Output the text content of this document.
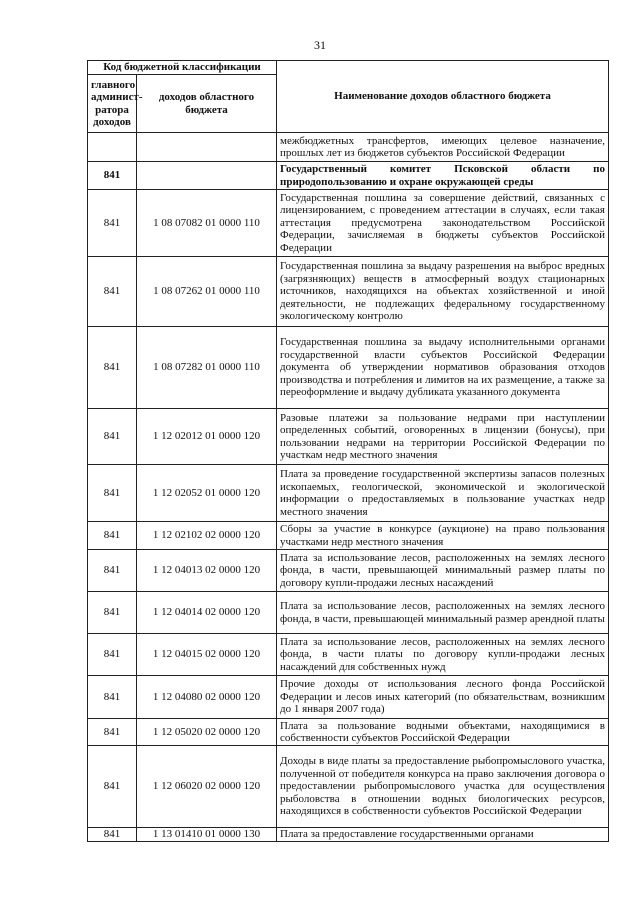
31
Код бюджетной классификации		Наименование доходов областного бюджета
главного админист-ратора доходов	доходов областного бюджета	
		межбюджетных трансфертов, имеющих целевое назначение, прошлых лет из бюджетов субъектов Российской Федерации
841		Государственный комитет Псковской области по природопользованию и охране окружающей среды
841	1 08 07082 01 0000 110	Государственная пошлина за совершение действий, связанных с лицензированием, с проведением аттестации в случаях, если такая аттестация предусмотрена законодательством Российской Федерации, зачисляемая в бюджеты субъектов Российской Федерации
841	1 08 07262 01 0000 110	Государственная пошлина за выдачу разрешения на выброс вредных (загрязняющих) веществ в атмосферный воздух стационарных источников, находящихся на объектах хозяйственной и иной деятельности, не подлежащих федеральному государственному экологическому контролю
841	1 08 07282 01 0000 110	Государственная пошлина за выдачу исполнительными органами государственной власти субъектов Российской Федерации документа об утверждении нормативов образования отходов производства и потребления и лимитов на их размещение, а также за переоформление и выдачу дубликата указанного документа
841	1 12 02012 01 0000 120	Разовые платежи за пользование недрами при наступлении определенных событий, оговоренных в лицензии (бонусы), при пользовании недрами на территории Российской Федерации по участкам недр местного значения
841	1 12 02052 01 0000 120	Плата за проведение государственной экспертизы запасов полезных ископаемых, геологической, экономической и экологической информации о предоставляемых в пользование участках недр местного значения
841	1 12 02102 02 0000 120	Сборы за участие в конкурсе (аукционе) на право пользования участками недр местного значения
841	1 12 04013 02 0000 120	Плата за использование лесов, расположенных на землях лесного фонда, в части, превышающей минимальный размер платы по договору купли-продажи лесных насаждений
841	1 12 04014 02 0000 120	Плата за использование лесов, расположенных на землях лесного фонда, в части, превышающей минимальный размер арендной платы
841	1 12 04015 02 0000 120	Плата за использование лесов, расположенных на землях лесного фонда, в части платы по договору купли-продажи лесных насаждений для собственных нужд
841	1 12 04080 02 0000 120	Прочие доходы от использования лесного фонда Российской Федерации и лесов иных категорий (по обязательствам, возникшим до 1 января 2007 года)
841	1 12 05020 02 0000 120	Плата за пользование водными объектами, находящимися в собственности субъектов Российской Федерации
841	1 12 06020 02 0000 120	Доходы в виде платы за предоставление рыбопромыслового участка, полученной от победителя конкурса на право заключения договора о предоставлении рыбопромыслового участка для осуществления рыболовства в отношении водных биологических ресурсов, находящихся в собственности субъектов Российской Федерации
841	1 13 01410 01 0000 130	Плата за предоставление государственными органами
